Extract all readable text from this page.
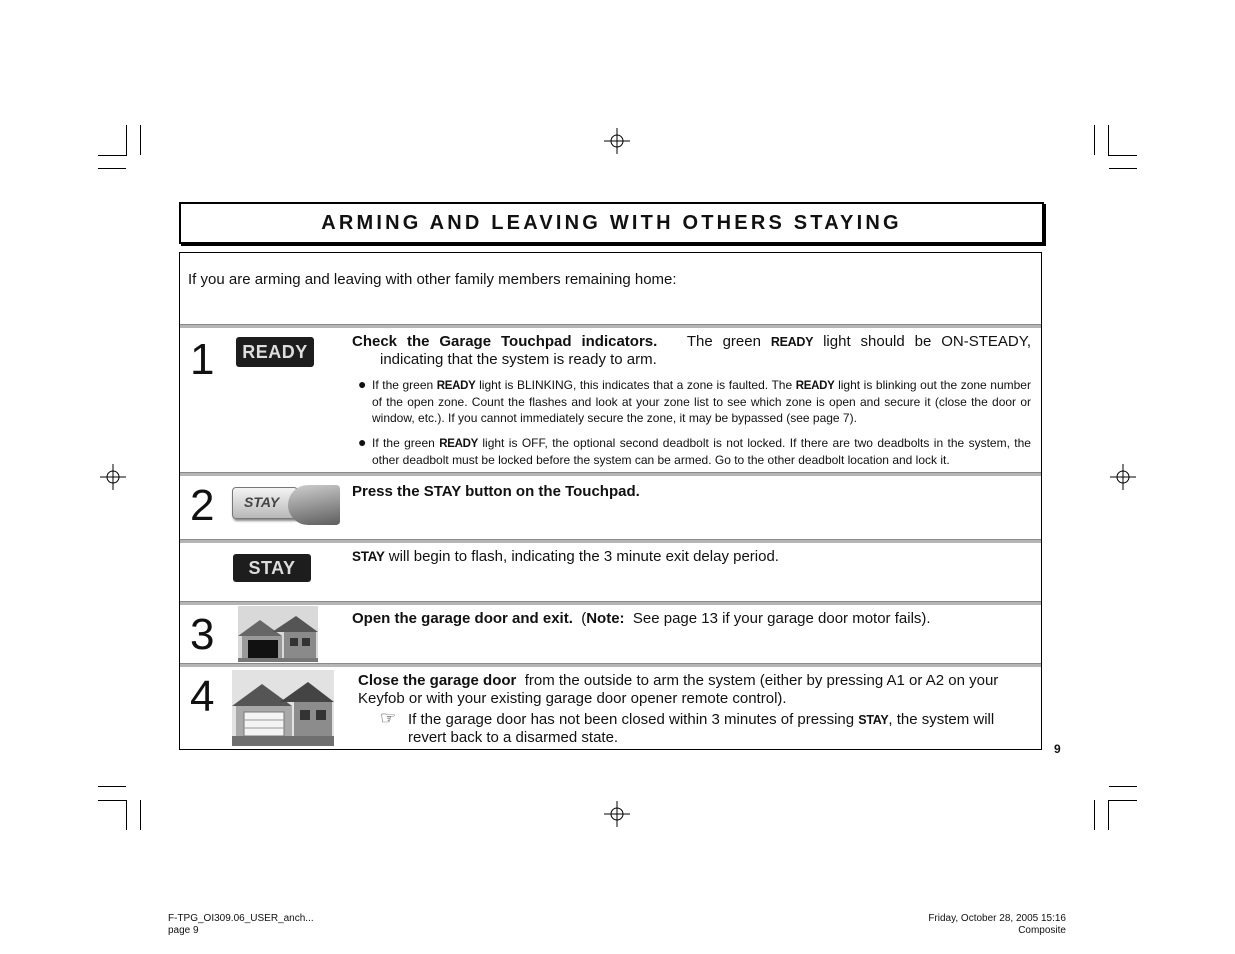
ARMING AND LEAVING WITH OTHERS STAYING
If you are arming and leaving with other family members remaining home:
1	READY
Check the Garage Touchpad indicators. The green READY light should be ON-STEADY,
indicating that the system is ready to arm.
● If the green READY light is BLINKING, this indicates that a zone is faulted. The READY light is blinking out the zone number of the open zone. Count the flashes and look at your zone list to see which zone is open and secure it (close the door or window, etc.). If you cannot immediately secure the zone, it may be bypassed (see page 7).
● If the green READY light is OFF, the optional second deadbolt is not locked. If there are two deadbolts in the system, the other deadbolt must be locked before the system can be armed. Go to the other deadbolt location and lock it.
2 STAY
Press the STAY button on the Touchpad.
STAY
STAY will begin to flash, indicating the 3 minute exit delay period.
3	Open the garage door and exit. (Note: See page 13 if your garage door motor fails).
4	Close the garage door from the outside to arm the system (either by pressing A1 or A2 on your Keyfob or with your existing garage door opener remote control).
☞ If the garage door has not been closed within 3 minutes of pressing STAY, the system will revert back to a disarmed state.
9
F-TPG_OI309.06_USER_anch...
page 9
Friday, October 28, 2005 15:16
Composite
